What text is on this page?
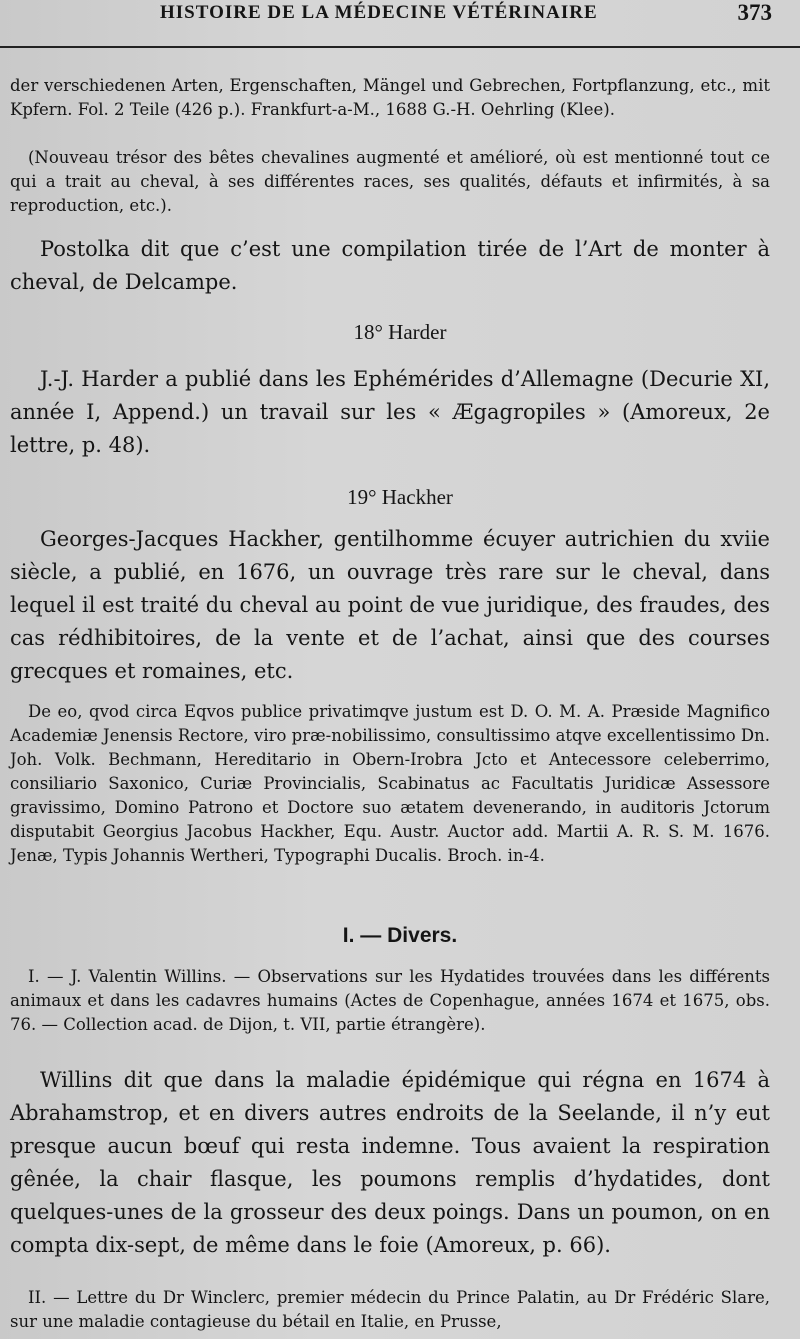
HISTOIRE DE LA MÉDECINE VÉTÉRINAIRE	373

der verschiedenen Arten, Ergenschaften, Mängel und Gebrechen, Fortpflanzung, etc., mit Kpfern. Fol. 2 Teile (426 p.). Frankfurt-a-M., 1688 G.-H. Oehrling (Klee).

(Nouveau trésor des bêtes chevalines augmenté et amélioré, où est mentionné tout ce qui a trait au cheval, à ses différentes races, ses qualités, défauts et infirmités, à sa reproduction, etc.).

Postolka dit que c’est une compilation tirée de l’Art de monter à cheval, de Delcampe.

18° Harder

J.-J. Harder a publié dans les Ephémérides d’Allemagne (Decurie XI, année I, Append.) un travail sur les « Ægagropiles » (Amoreux, 2e lettre, p. 48).

19° Hackher

Georges-Jacques Hackher, gentilhomme écuyer autrichien du xviie siècle, a publié, en 1676, un ouvrage très rare sur le cheval, dans lequel il est traité du cheval au point de vue juridique, des fraudes, des cas rédhibitoires, de la vente et de l’achat, ainsi que des courses grecques et romaines, etc.

De eo, qvod circa Eqvos publice privatimqve justum est D. O. M. A. Præside Magnifico Academiæ Jenensis Rectore, viro præ-nobilissimo, consultissimo atqve excellentissimo Dn. Joh. Volk. Bechmann, Hereditario in Obern-Irobra Jcto et Antecessore celeberrimo, consiliario Saxonico, Curiæ Provincialis, Scabinatus ac Facultatis Juridicæ Assessore gravissimo, Domino Patrono et Doctore suo ætatem devenerando, in auditoris Jctorum disputabit Georgius Jacobus Hackher, Equ. Austr. Auctor add. Martii A. R. S. M. 1676. Jenæ, Typis Johannis Wertheri, Typographi Ducalis. Broch. in-4.

I. — Divers.

I. — J. Valentin Willins. — Observations sur les Hydatides trouvées dans les différents animaux et dans les cadavres humains (Actes de Copenhague, années 1674 et 1675, obs. 76. — Collection acad. de Dijon, t. VII, partie étrangère).

Willins dit que dans la maladie épidémique qui régna en 1674 à Abrahamstrop, et en divers autres endroits de la Seelande, il n’y eut presque aucun bœuf qui resta indemne. Tous avaient la respiration gênée, la chair flasque, les poumons remplis d’hydatides, dont quelques-unes de la grosseur des deux poings. Dans un poumon, on en compta dix-sept, de même dans le foie (Amoreux, p. 66).

II. — Lettre du Dr Winclerc, premier médecin du Prince Palatin, au Dr Frédéric Slare, sur une maladie contagieuse du bétail en Italie, en Prusse,
